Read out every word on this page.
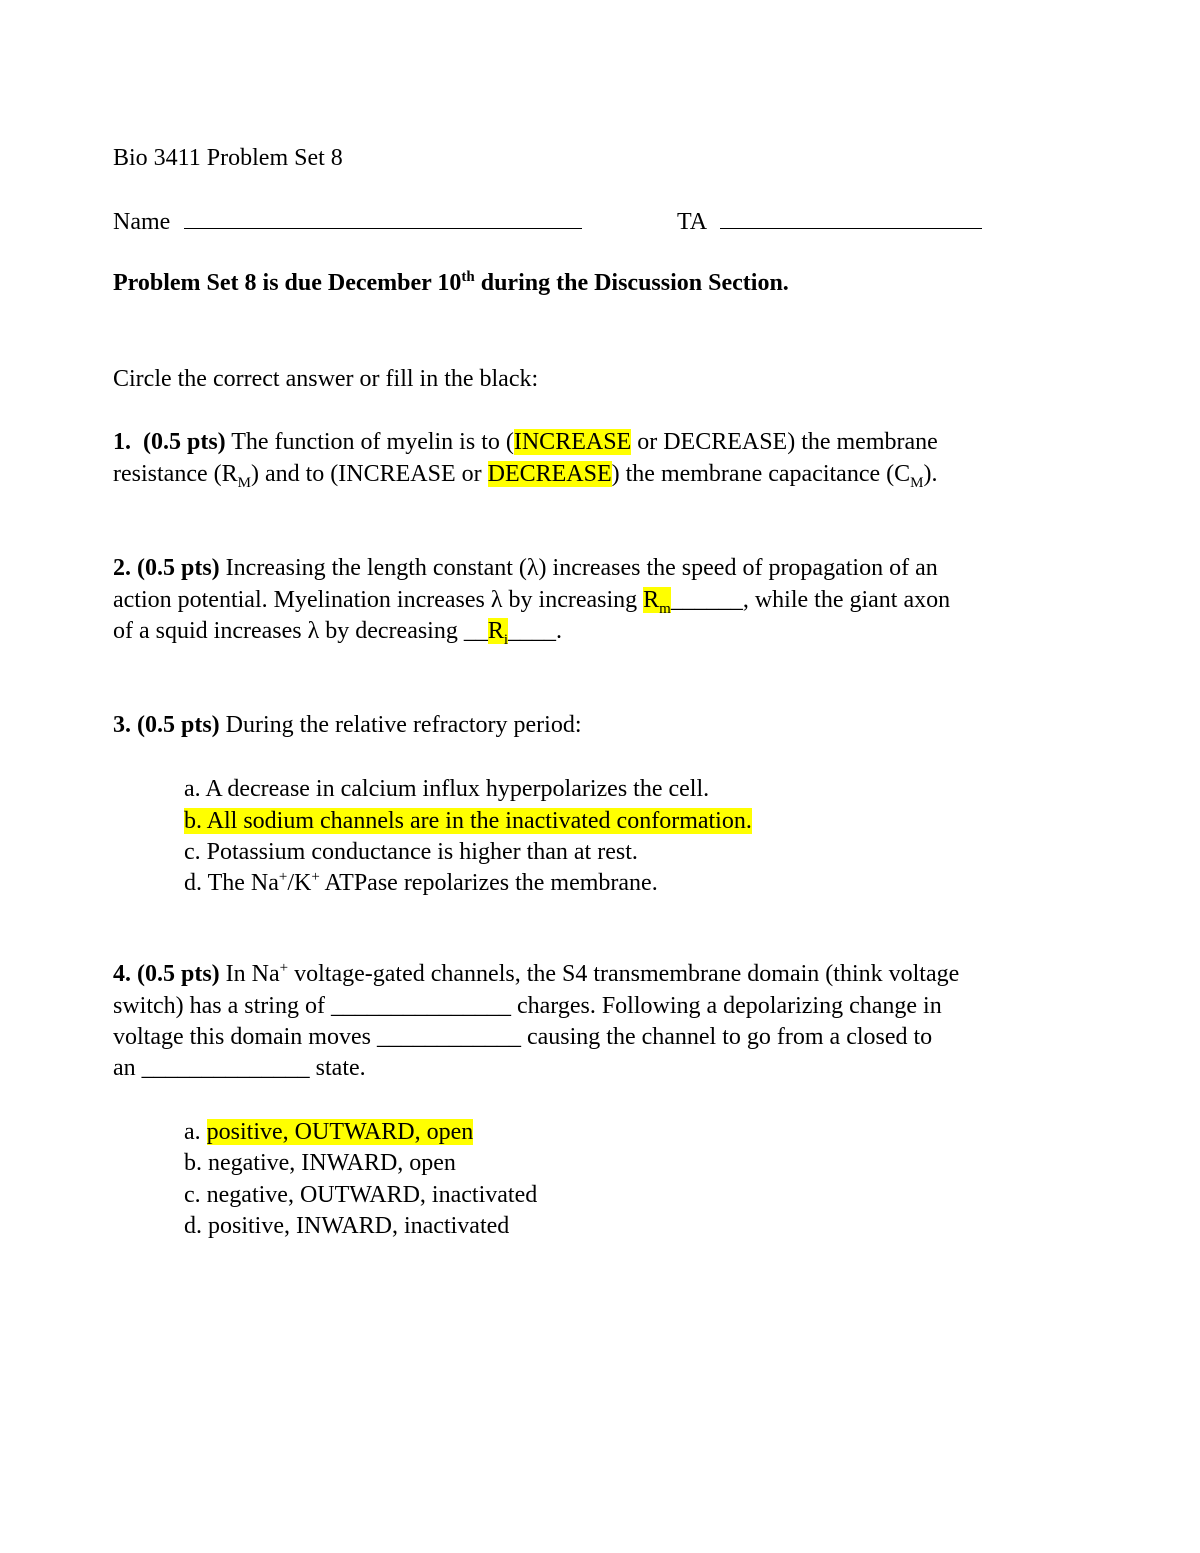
Bio 3411 Problem Set 8
Name	TA
Problem Set 8 is due December 10th during the Discussion Section.
Circle the correct answer or fill in the black:
1. (0.5 pts) The function of myelin is to (INCREASE or DECREASE) the membrane
resistance $(R_M)$ and to (INCREASE or DECREASE) the membrane capacitance $(C_M)$.
2. (0.5 pts) Increasing the length constant (λ) increases the speed of propagation of an
action potential. Myelination increases λ by increasing $R_m\_\_\_\_\_\_$, while the giant axon
of a squid increases λ by decreasing $\_\_R_i\_\_\_\_$.
3. (0.5 pts) During the relative refractory period:
a. A decrease in calcium influx hyperpolarizes the cell.
b. All sodium channels are in the inactivated conformation.
c. Potassium conductance is higher than at rest.
d. The Na+/K+ ATPase repolarizes the membrane.
4. (0.5 pts) In Na+ voltage-gated channels, the S4 transmembrane domain (think voltage
switch) has a string of _______________ charges. Following a depolarizing change in
voltage this domain moves ____________ causing the channel to go from a closed to
an ______________ state.
a. positive, OUTWARD, open
b. negative, INWARD, open
c. negative, OUTWARD, inactivated
d. positive, INWARD, inactivated
